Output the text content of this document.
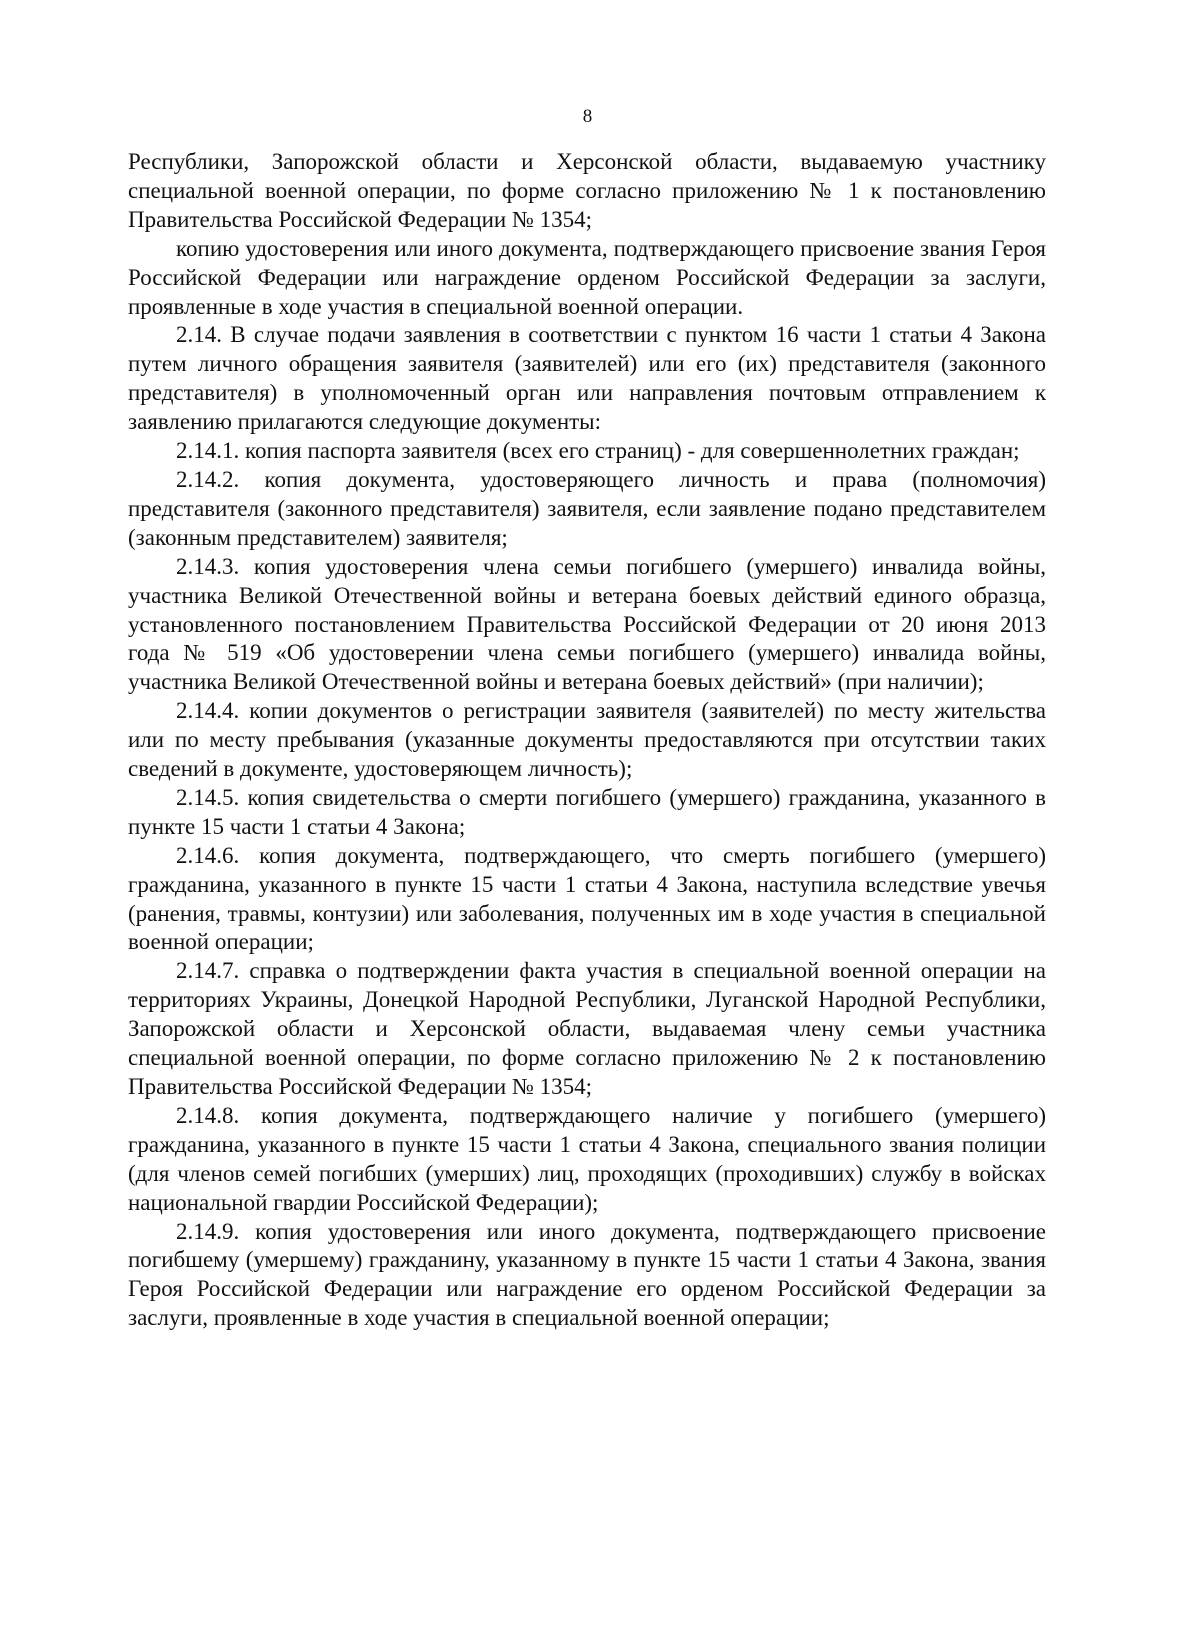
8

Республики, Запорожской области и Херсонской области, выдаваемую участнику специальной военной операции, по форме согласно приложению № 1 к постановлению Правительства Российской Федерации № 1354;

копию удостоверения или иного документа, подтверждающего присвоение звания Героя Российской Федерации или награждение орденом Российской Федерации за заслуги, проявленные в ходе участия в специальной военной операции.

2.14. В случае подачи заявления в соответствии с пунктом 16 части 1 статьи 4 Закона путем личного обращения заявителя (заявителей) или его (их) представителя (законного представителя) в уполномоченный орган или направления почтовым отправлением к заявлению прилагаются следующие документы:

2.14.1. копия паспорта заявителя (всех его страниц) - для совершеннолетних граждан;

2.14.2. копия документа, удостоверяющего личность и права (полномочия) представителя (законного представителя) заявителя, если заявление подано представителем (законным представителем) заявителя;

2.14.3. копия удостоверения члена семьи погибшего (умершего) инвалида войны, участника Великой Отечественной войны и ветерана боевых действий единого образца, установленного постановлением Правительства Российской Федерации от 20 июня 2013 года № 519 «Об удостоверении члена семьи погибшего (умершего) инвалида войны, участника Великой Отечественной войны и ветерана боевых действий» (при наличии);

2.14.4. копии документов о регистрации заявителя (заявителей) по месту жительства или по месту пребывания (указанные документы предоставляются при отсутствии таких сведений в документе, удостоверяющем личность);

2.14.5. копия свидетельства о смерти погибшего (умершего) гражданина, указанного в пункте 15 части 1 статьи 4 Закона;

2.14.6. копия документа, подтверждающего, что смерть погибшего (умершего) гражданина, указанного в пункте 15 части 1 статьи 4 Закона, наступила вследствие увечья (ранения, травмы, контузии) или заболевания, полученных им в ходе участия в специальной военной операции;

2.14.7. справка о подтверждении факта участия в специальной военной операции на территориях Украины, Донецкой Народной Республики, Луганской Народной Республики, Запорожской области и Херсонской области, выдаваемая члену семьи участника специальной военной операции, по форме согласно приложению № 2 к постановлению Правительства Российской Федерации № 1354;

2.14.8. копия документа, подтверждающего наличие у погибшего (умершего) гражданина, указанного в пункте 15 части 1 статьи 4 Закона, специального звания полиции (для членов семей погибших (умерших) лиц, проходящих (проходивших) службу в войсках национальной гвардии Российской Федерации);

2.14.9. копия удостоверения или иного документа, подтверждающего присвоение погибшему (умершему) гражданину, указанному в пункте 15 части 1 статьи 4 Закона, звания Героя Российской Федерации или награждение его орденом Российской Федерации за заслуги, проявленные в ходе участия в специальной военной операции;
